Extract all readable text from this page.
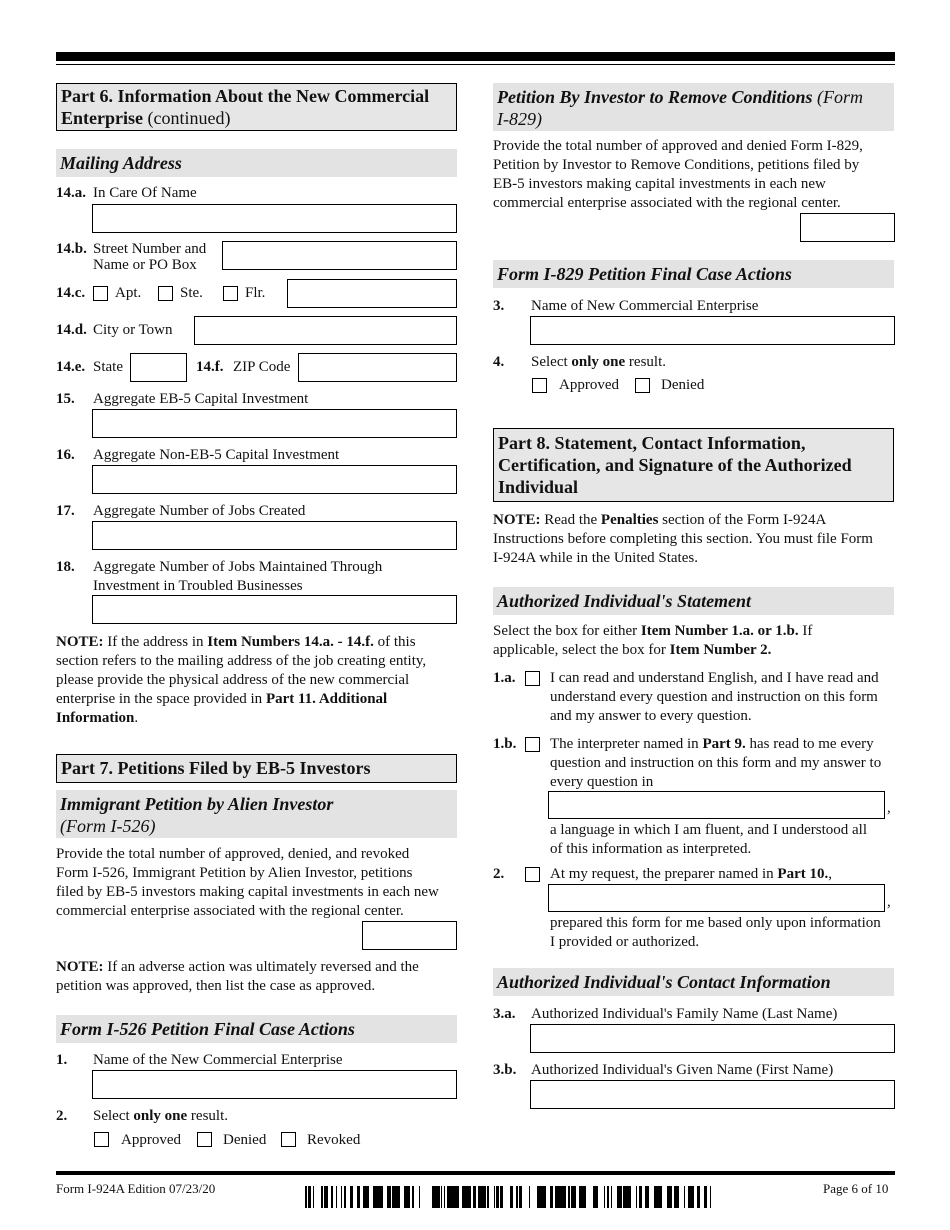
Part 6. Information About the New Commercial Enterprise (continued)
Mailing Address
14.a. In Care Of Name
14.b. Street Number and
Name or PO Box
14.c. Apt.	Ste.	Flr.
14.d. City or Town
14.e. State	14.f. ZIP Code
15. Aggregate EB-5 Capital Investment
16. Aggregate Non-EB-5 Capital Investment
17. Aggregate Number of Jobs Created
18. Aggregate Number of Jobs Maintained Through
Investment in Troubled Businesses
NOTE: If the address in Item Numbers 14.a. - 14.f. of this
section refers to the mailing address of the job creating entity,
please provide the physical address of the new commercial
enterprise in the space provided in Part 11. Additional
Information.
Part 7. Petitions Filed by EB-5 Investors
Immigrant Petition by Alien Investor
(Form I-526)
Provide the total number of approved, denied, and revoked
Form I-526, Immigrant Petition by Alien Investor, petitions
filed by EB-5 investors making capital investments in each new
commercial enterprise associated with the regional center.
NOTE: If an adverse action was ultimately reversed and the
petition was approved, then list the case as approved.
Form I-526 Petition Final Case Actions
1. Name of the New Commercial Enterprise
2. Select only one result.
Approved	Denied	Revoked
Petition By Investor to Remove Conditions (Form
I-829)
Provide the total number of approved and denied Form I-829,
Petition by Investor to Remove Conditions, petitions filed by
EB-5 investors making capital investments in each new
commercial enterprise associated with the regional center.
Form I-829 Petition Final Case Actions
3. Name of New Commercial Enterprise
4. Select only one result.
Approved	Denied
Part 8. Statement, Contact Information,
Certification, and Signature of the Authorized
Individual
NOTE: Read the Penalties section of the Form I-924A
Instructions before completing this section. You must file Form
I-924A while in the United States.
Authorized Individual's Statement
Select the box for either Item Number 1.a. or 1.b. If
applicable, select the box for Item Number 2.
1.a. I can read and understand English, and I have read and
understand every question and instruction on this form
and my answer to every question.
1.b. The interpreter named in Part 9. has read to me every
question and instruction on this form and my answer to
every question in
,
a language in which I am fluent, and I understood all
of this information as interpreted.
2.	At my request, the preparer named in Part 10.,
,
prepared this form for me based only upon information
I provided or authorized.
Authorized Individual's Contact Information
3.a. Authorized Individual's Family Name (Last Name)
3.b. Authorized Individual's Given Name (First Name)
Form I-924A Edition 07/23/20	Page 6 of 10
